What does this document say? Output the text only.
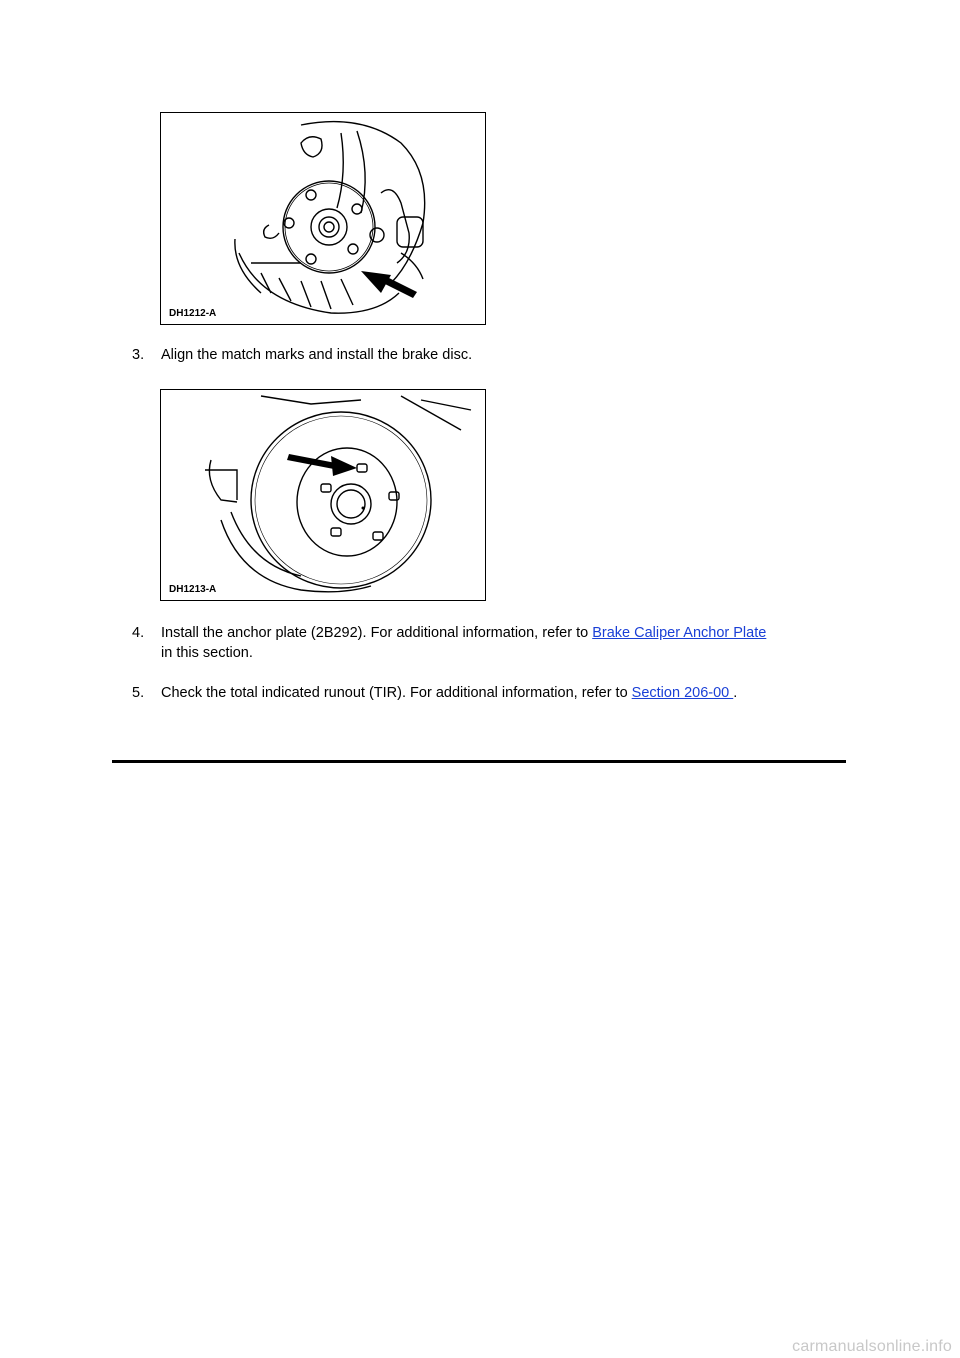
DH1212-A
3.	Align the match marks and install the brake disc.
DH1213-A
4.	Install the anchor plate (2B292). For additional information, refer to Brake Caliper Anchor Plate
in this section.
5.	Check the total indicated runout (TIR). For additional information, refer to Section 206-00 .
carmanualsonline.info
